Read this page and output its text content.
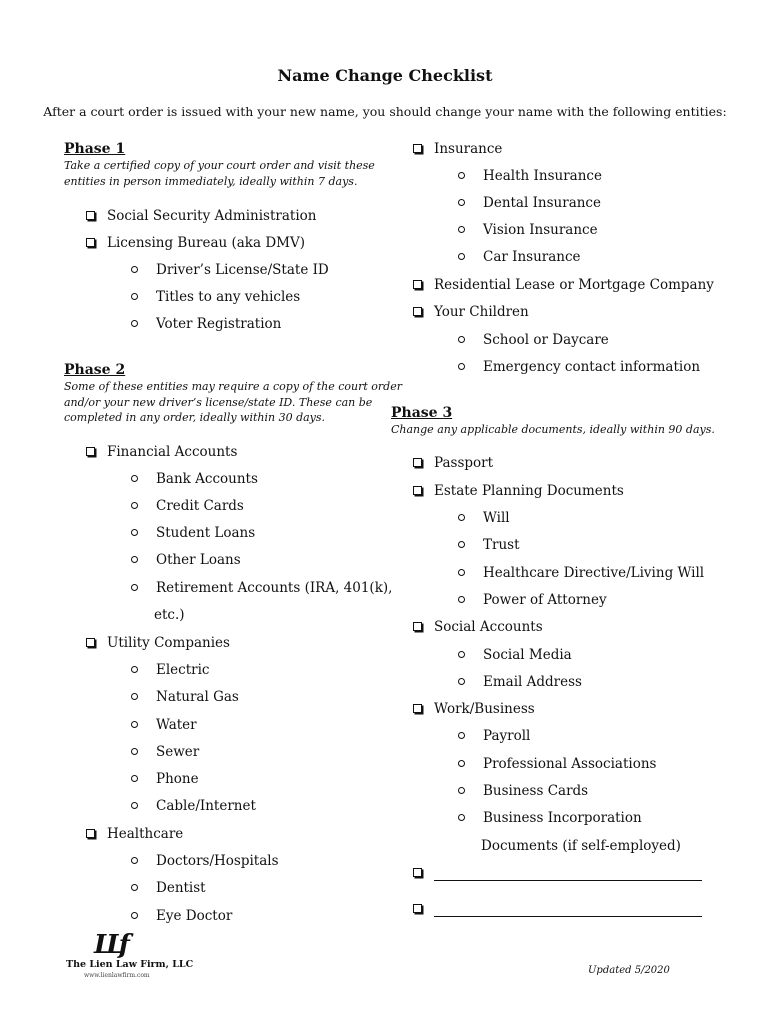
Name Change Checklist
After a court order is issued with your new name, you should change your name with the following entities:
Phase 1
Take a certified copy of your court order and visit these
entities in person immediately, ideally within 7 days.
Social Security Administration
Licensing Bureau (aka DMV)
Driver’s License/State ID
Titles to any vehicles
Voter Registration
Phase 2
Some of these entities may require a copy of the court order
and/or your new driver’s license/state ID. These can be
completed in any order, ideally within 30 days.
Financial Accounts
Bank Accounts
Credit Cards
Student Loans
Other Loans
Retirement Accounts (IRA, 401(k),
etc.)
Utility Companies
Electric
Natural Gas
Water
Sewer
Phone
Cable/Internet
Healthcare
Doctors/Hospitals
Dentist
Eye Doctor
Insurance
Health Insurance
Dental Insurance
Vision Insurance
Car Insurance
Residential Lease or Mortgage Company
Your Children
School or Daycare
Emergency contact information
Phase 3
Change any applicable documents, ideally within 90 days.
Passport
Estate Planning Documents
Will
Trust
Healthcare Directive/Living Will
Power of Attorney
Social Accounts
Social Media
Email Address
Work/Business
Payroll
Professional Associations
Business Cards
Business Incorporation
Documents (if self-employed)
LLf
The Lien Law Firm, LLC
www.lienlawfirm.com	Updated 5/2020
